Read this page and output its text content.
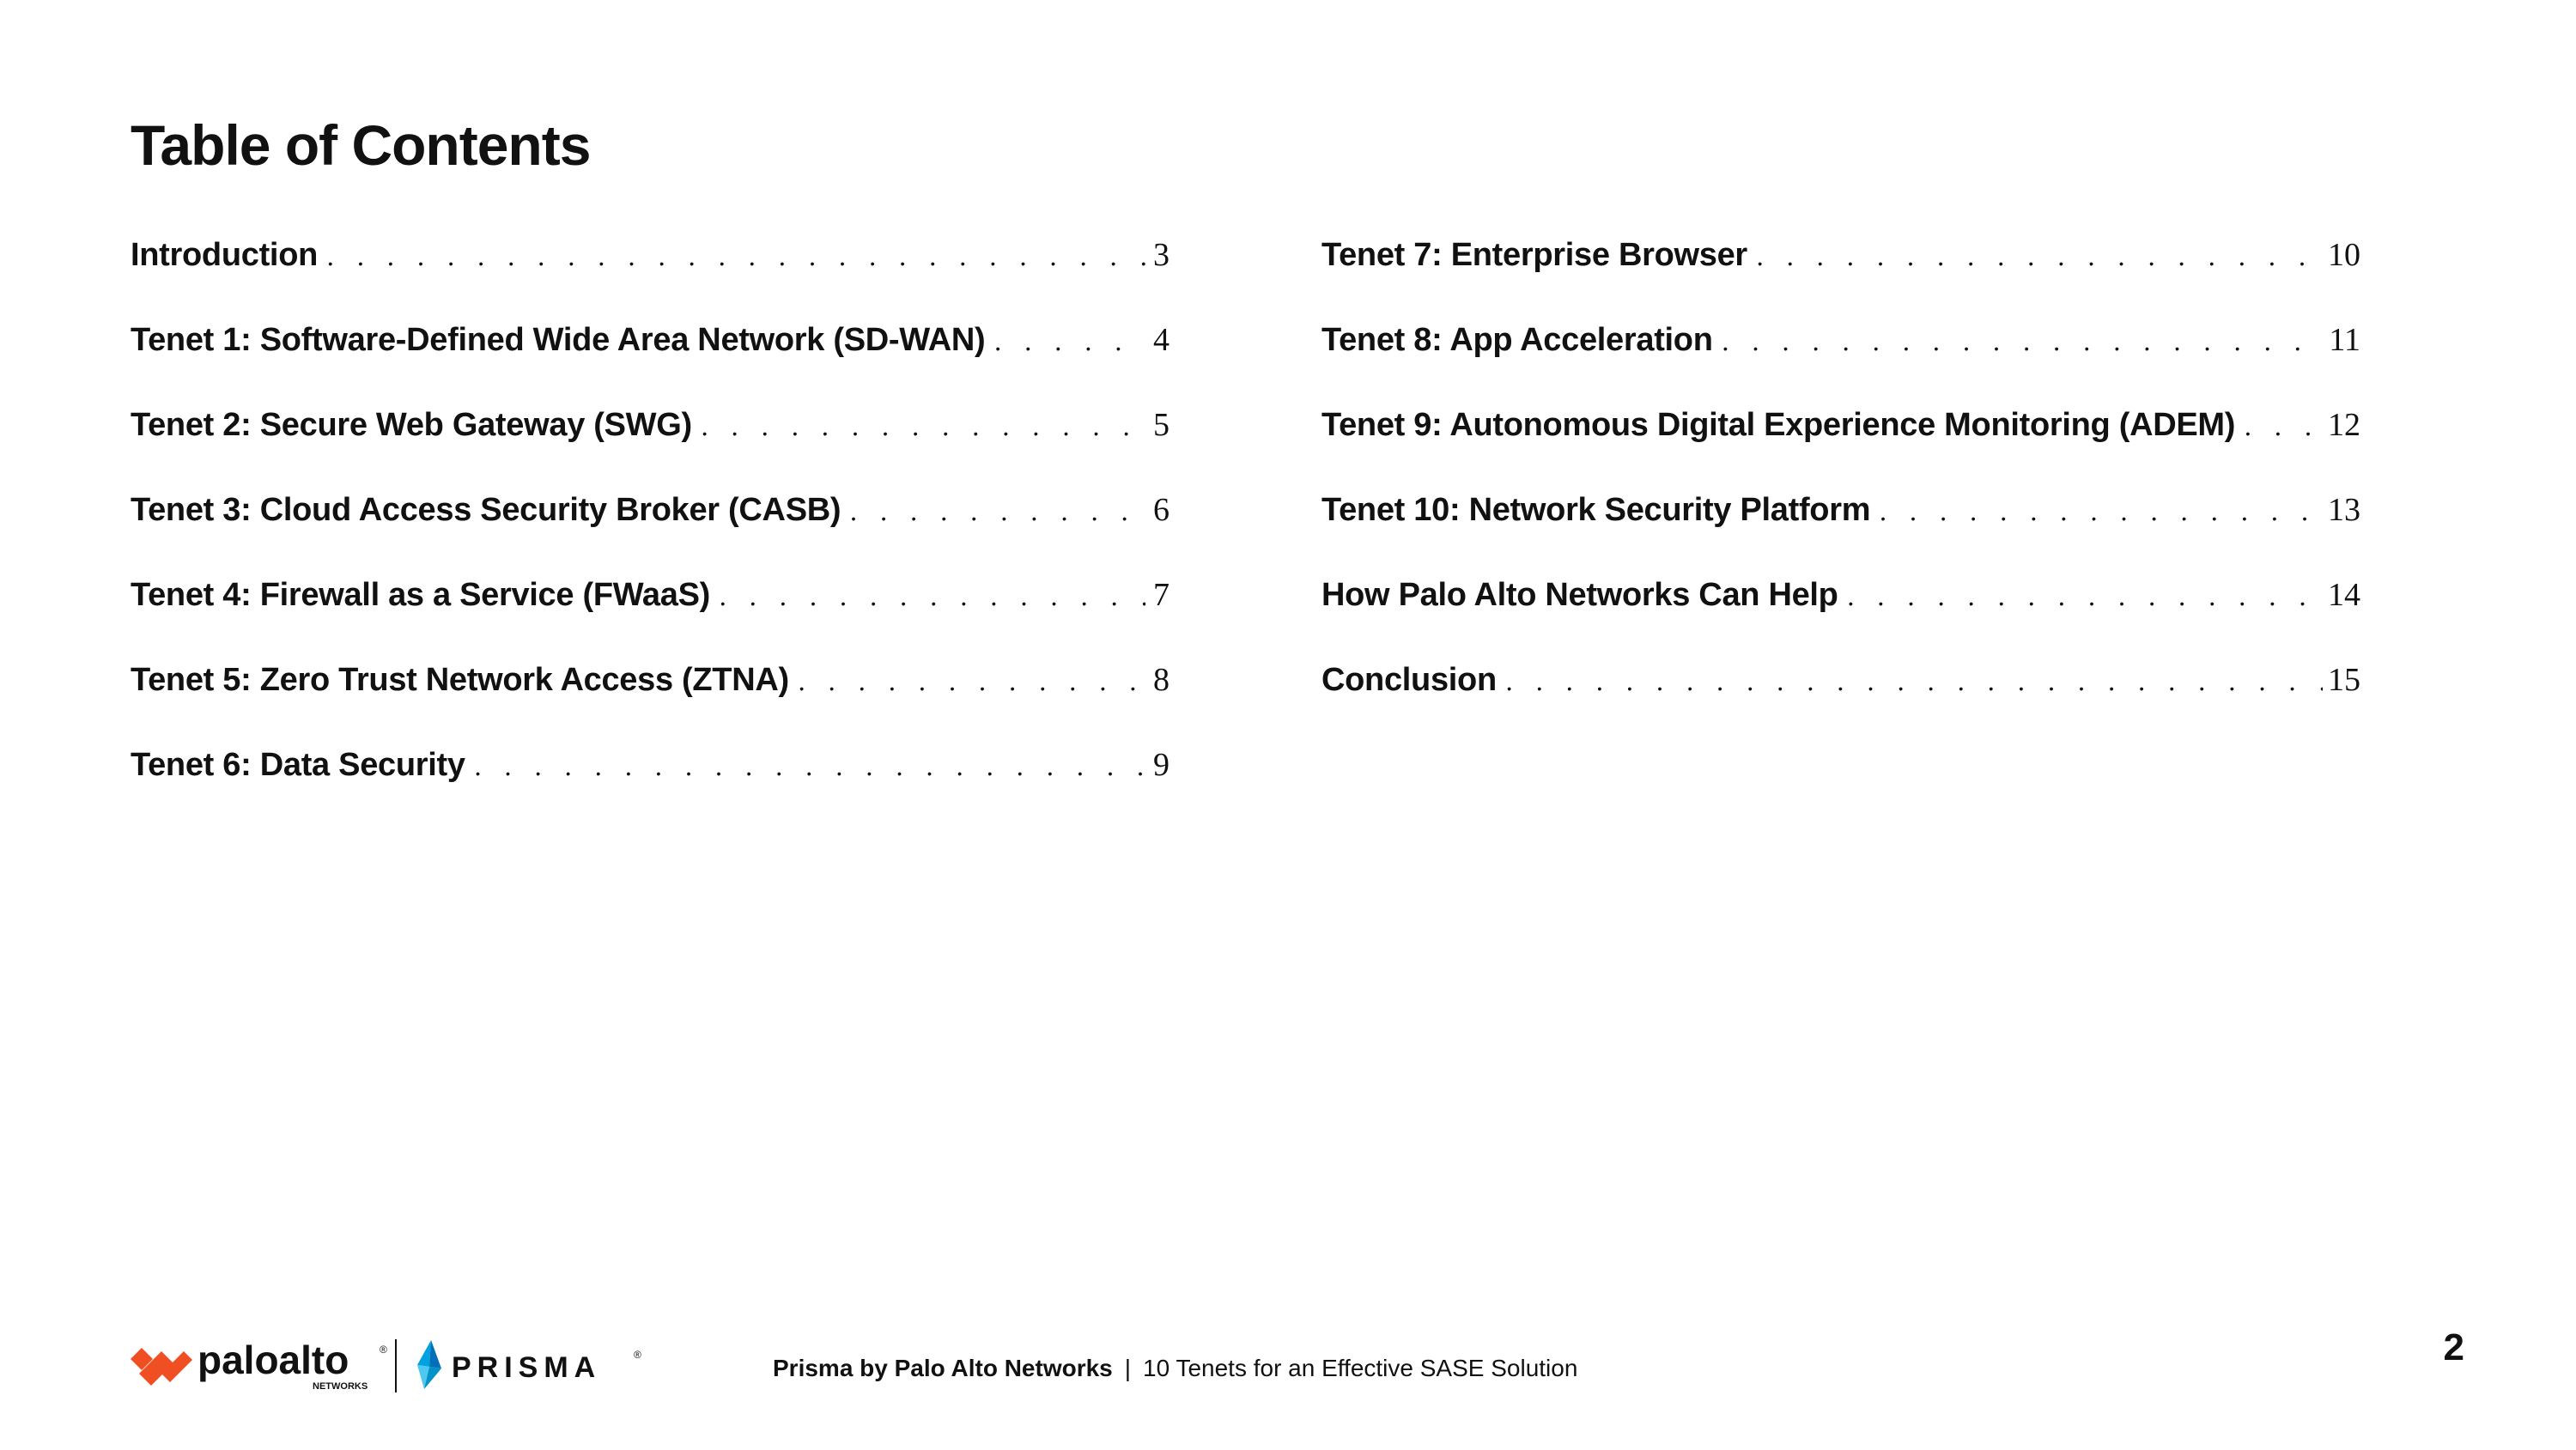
Table of Contents
Introduction . . .	3
Tenet 1: Software-Defined Wide Area Network (SD-WAN) . . .	4
Tenet 2: Secure Web Gateway (SWG) . . .	5
Tenet 3: Cloud Access Security Broker (CASB) . . .	6
Tenet 4: Firewall as a Service (FWaaS) . . .	7
Tenet 5: Zero Trust Network Access (ZTNA) . . .	8
Tenet 6: Data Security . . .	9
Tenet 7: Enterprise Browser . . .	10
Tenet 8: App Acceleration . . .	11
Tenet 9: Autonomous Digital Experience Monitoring (ADEM) . . .	12
Tenet 10: Network Security Platform . . .	13
How Palo Alto Networks Can Help . . .	14
Conclusion . . .	15
paloalto	®
NETWORKS
PRISMA	®	Prisma by Palo Alto Networks | 10 Tenets for an Effective SASE Solution	2
